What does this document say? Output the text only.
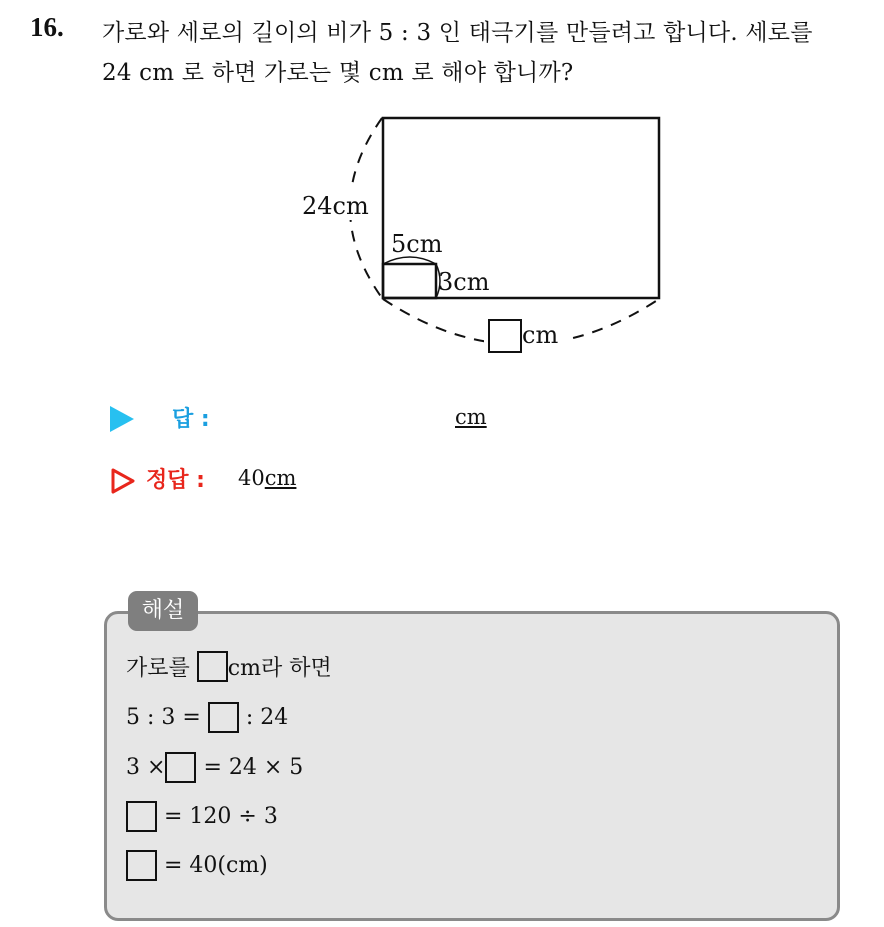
16. 가로와 세로의 길이의 비가 5 : 3 인 태극기를 만들려고 합니다. 세로를
24 cm 로 하면 가로는 몇 cm 로 해야 합니까?
24cm
5cm
3cm
cm
답 :	cm
정답 : 40cm
해설
가로를
cm라 하면
5 : 3 =

: 24
3 ×
= 24 × 5

= 120 ÷ 3

= 40(cm)
